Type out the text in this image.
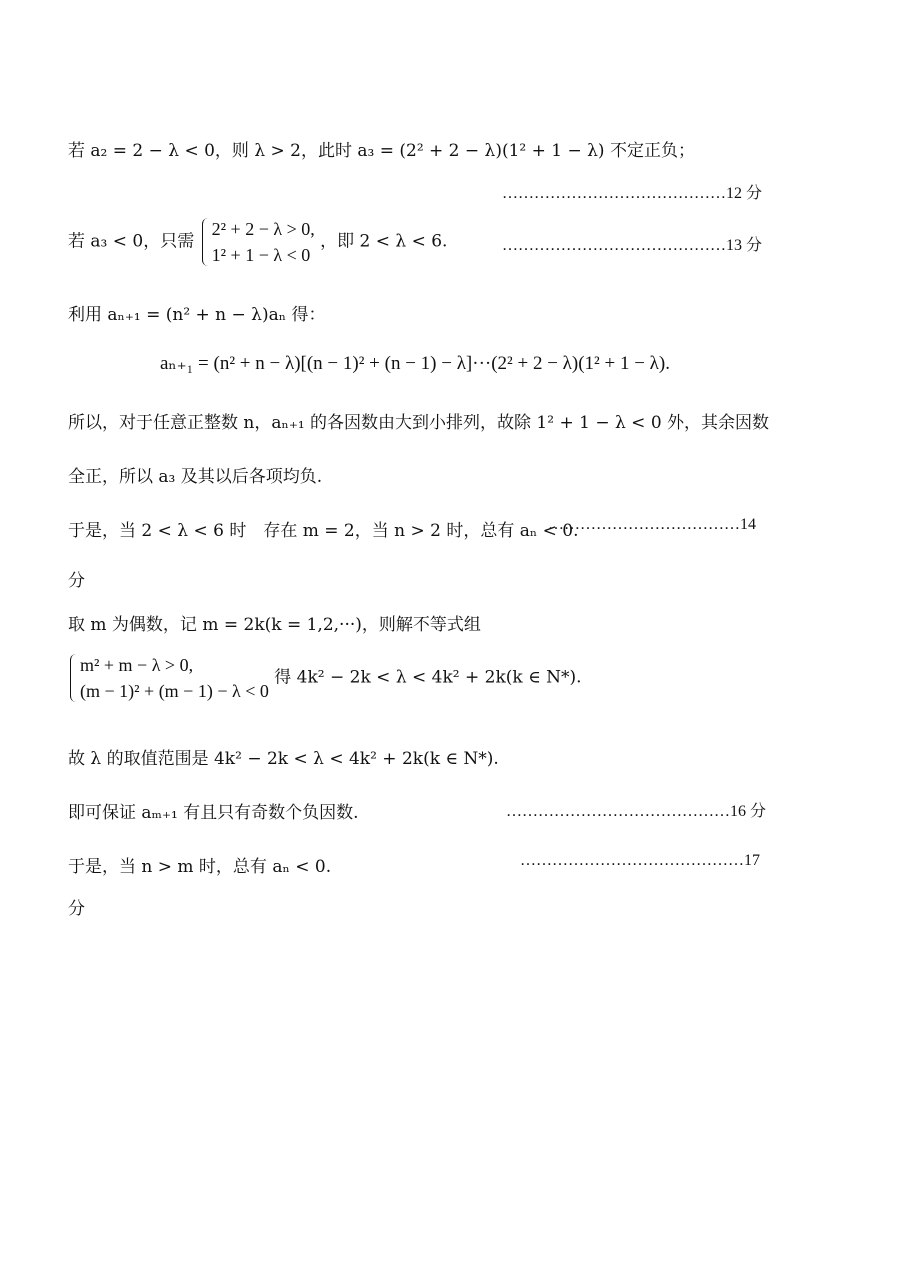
若 a₂ = 2 − λ < 0，则 λ > 2，此时 a₃ = (2² + 2 − λ)(1² + 1 − λ) 不定正负；
……………………………………12 分
若 a₃ < 0，只需
2² + 2 − λ > 0,
1² + 1 − λ < 0
，即 2 < λ < 6.	……………………………………13 分
利用 aₙ₊₁ = (n² + n − λ)aₙ 得：
aₙ₊₁ = (n² + n − λ)[(n − 1)² + (n − 1) − λ]···(2² + 2 − λ)(1² + 1 − λ).
所以，对于任意正整数 n，aₙ₊₁ 的各因数由大到小排列，故除 1² + 1 − λ < 0 外，其余因数
全正，所以 a₃ 及其以后各项均负.
于是，当 2 < λ < 6 时　存在 m = 2，当 n > 2 时，总有 aₙ < 0.
………………………………14
分
取 m 为偶数，记 m = 2k(k = 1,2,···)，则解不等式组
m² + m − λ > 0,
(m − 1)² + (m − 1) − λ < 0
得 4k² − 2k < λ < 4k² + 2k(k ∈ N*).
故 λ 的取值范围是 4k² − 2k < λ < 4k² + 2k(k ∈ N*).
即可保证 aₘ₊₁ 有且只有奇数个负因数.	……………………………………16 分
于是，当 n > m 时，总有 aₙ < 0.	……………………………………17
分
